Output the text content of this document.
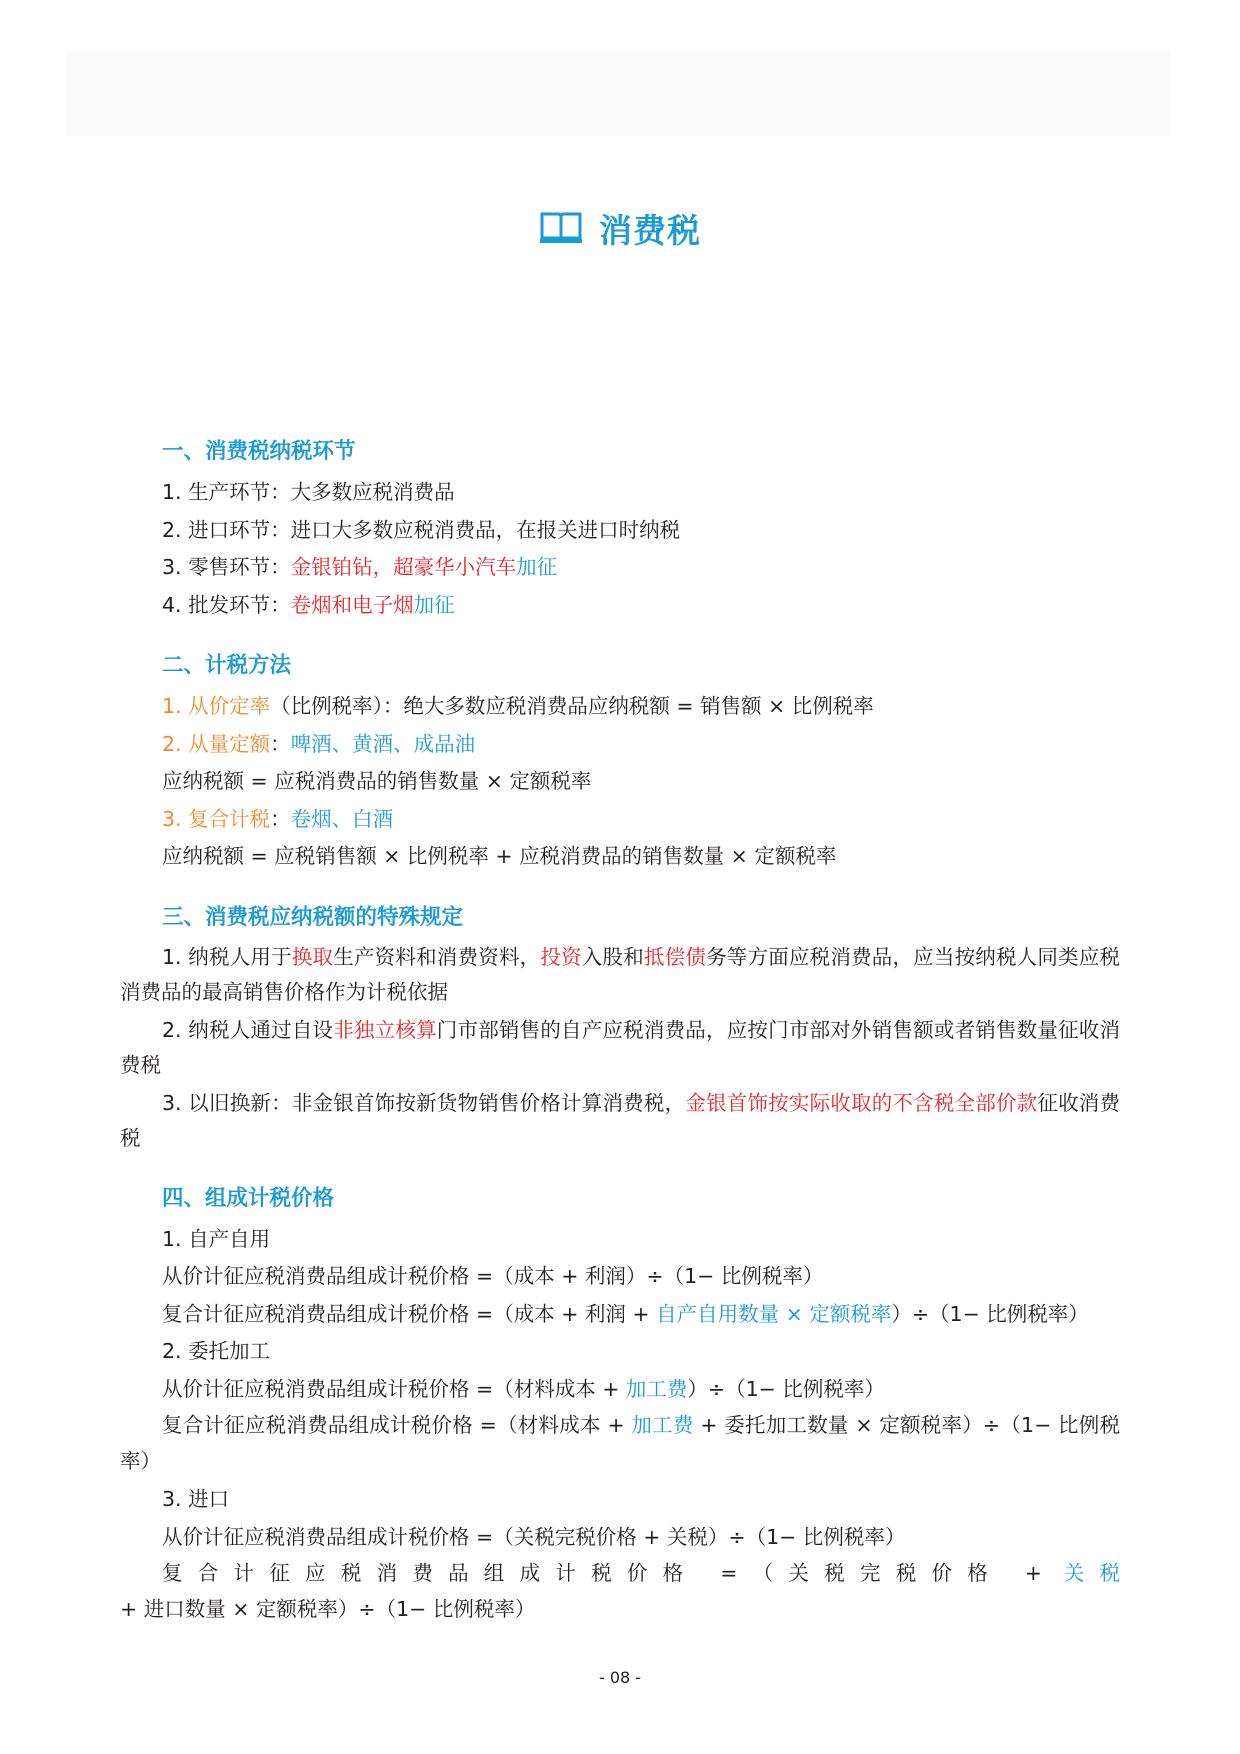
消费税
一、消费税纳税环节
1. 生产环节：大多数应税消费品
2. 进口环节：进口大多数应税消费品，在报关进口时纳税
3. 零售环节：金银铂钻，超豪华小汽车加征
4. 批发环节：卷烟和电子烟加征
二、计税方法
1. 从价定率（比例税率）：绝大多数应税消费品应纳税额 = 销售额 × 比例税率
2. 从量定额：啤酒、黄酒、成品油
应纳税额 = 应税消费品的销售数量 × 定额税率
3. 复合计税：卷烟、白酒
应纳税额 = 应税销售额 × 比例税率 + 应税消费品的销售数量 × 定额税率
三、消费税应纳税额的特殊规定
1. 纳税人用于换取生产资料和消费资料，投资入股和抵偿债务等方面应税消费品，应当按纳税人同类应税消费品的最高销售价格作为计税依据
2. 纳税人通过自设非独立核算门市部销售的自产应税消费品，应按门市部对外销售额或者销售数量征收消费税
3. 以旧换新：非金银首饰按新货物销售价格计算消费税，金银首饰按实际收取的不含税全部价款征收消费税
四、组成计税价格
1. 自产自用
从价计征应税消费品组成计税价格 =（成本 + 利润）÷（1− 比例税率）
复合计征应税消费品组成计税价格 =（成本 + 利润 + 自产自用数量 × 定额税率）÷（1− 比例税率）
2. 委托加工
从价计征应税消费品组成计税价格 =（材料成本 + 加工费）÷（1− 比例税率）
复合计征应税消费品组成计税价格 =（材料成本 + 加工费 + 委托加工数量 × 定额税率）÷（1− 比例税率）
3. 进口
从价计征应税消费品组成计税价格 =（关税完税价格 + 关税）÷（1− 比例税率）
复合计征应税消费品组成计税价格 =（关税完税价格 + 关税 + 进口数量 × 定额税率）÷（1− 比例税率）
- 08 -
